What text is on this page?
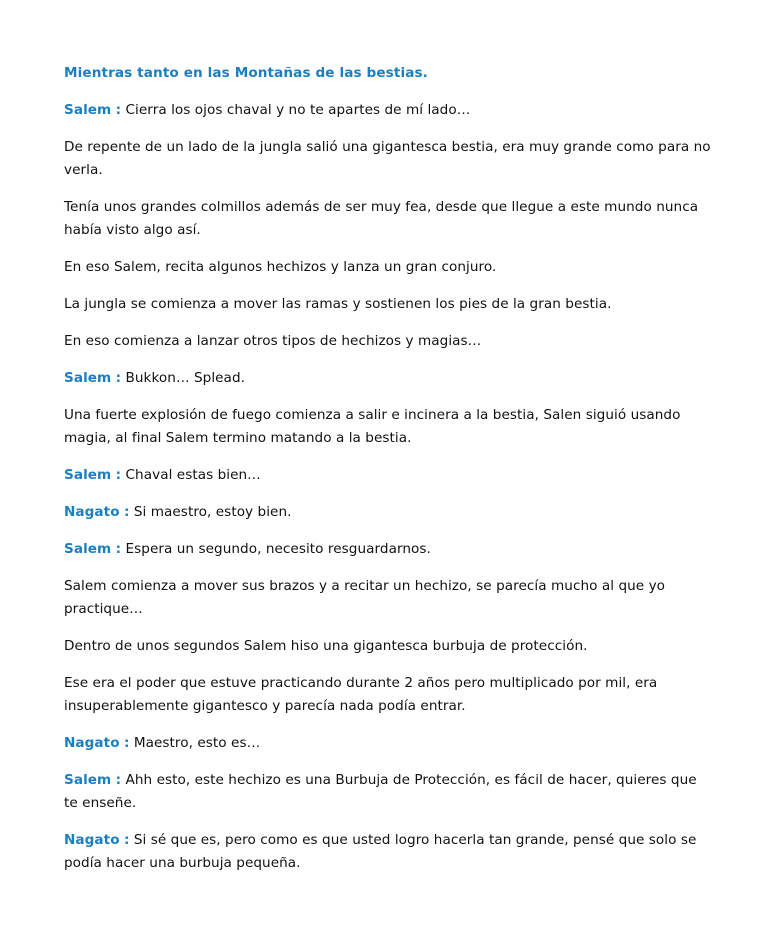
Mientras tanto en las Montañas de las bestias.

Salem : Cierra los ojos chaval y no te apartes de mí lado…

De repente de un lado de la jungla salió una gigantesca bestia, era muy grande como para no verla.

Tenía unos grandes colmillos además de ser muy fea, desde que llegue a este mundo nunca había visto algo así.

En eso Salem, recita algunos hechizos y lanza un gran conjuro.

La jungla se comienza a mover las ramas y sostienen los pies de la gran bestia.

En eso comienza a lanzar otros tipos de hechizos y magias…

Salem : Bukkon… Splead.

Una fuerte explosión de fuego comienza a salir e incinera a la bestia, Salen siguió usando magia, al final Salem termino matando a la bestia.

Salem : Chaval estas bien…

Nagato : Si maestro, estoy bien.

Salem : Espera un segundo, necesito resguardarnos.

Salem comienza a mover sus brazos y a recitar un hechizo, se parecía mucho al que yo practique…

Dentro de unos segundos Salem hiso una gigantesca burbuja de protección.

Ese era el poder que estuve practicando durante 2 años pero multiplicado por mil, era insuperablemente gigantesco y parecía nada podía entrar.

Nagato : Maestro, esto es…

Salem : Ahh esto, este hechizo es una Burbuja de Protección, es fácil de hacer, quieres que te enseñe.

Nagato : Si sé que es, pero como es que usted logro hacerla tan grande, pensé que solo se podía hacer una burbuja pequeña.
